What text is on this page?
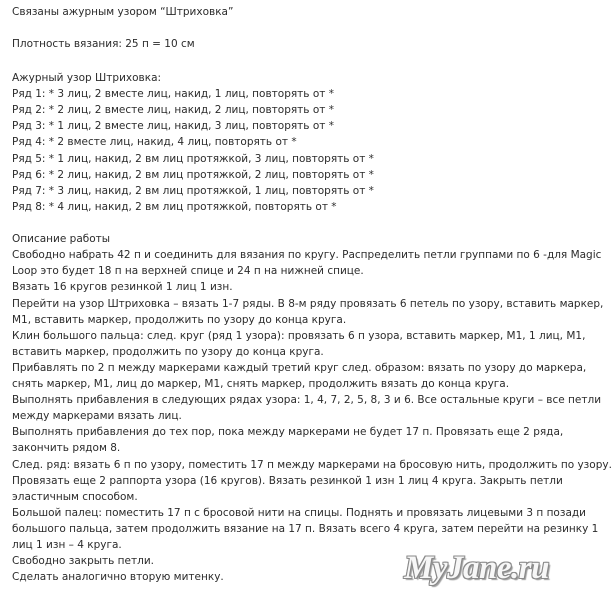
Связаны ажурным узором “Штриховка”
Плотность вязания: 25 п = 10 см
Ажурный узор Штриховка:
Ряд 1: * 3 лиц, 2 вместе лиц, накид, 1 лиц, повторять от *
Ряд 2: * 2 лиц, 2 вместе лиц, накид, 2 лиц, повторять от *
Ряд 3: * 1 лиц, 2 вместе лиц, накид, 3 лиц, повторять от *
Ряд 4: * 2 вместе лиц, накид, 4 лиц, повторять от *
Ряд 5: * 1 лиц, накид, 2 вм лиц протяжкой, 3 лиц, повторять от *
Ряд 6: * 2 лиц, накид, 2 вм лиц протяжкой, 2 лиц, повторять от *
Ряд 7: * 3 лиц, накид, 2 вм лиц протяжкой, 1 лиц, повторять от *
Ряд 8: * 4 лиц, накид, 2 вм лиц протяжкой, повторять от *
Описание работы
Свободно набрать 42 п и соединить для вязания по кругу. Распределить петли группами по 6 -для Magic
Loop это будет 18 п на верхней спице и 24 п на нижней спице.
Вязать 16 кругов резинкой 1 лиц 1 изн.
Перейти на узор Штриховка – вязать 1-7 ряды. В 8-м ряду провязать 6 петель по узору, вставить маркер,
М1, вставить маркер, продолжить по узору до конца круга.
Клин большого пальца: след. круг (ряд 1 узора): провязать 6 п узора, вставить маркер, М1, 1 лиц, М1,
вставить маркер, продолжить по узору до конца круга.
Прибавлять по 2 п между маркерами каждый третий круг след. образом: вязать по узору до маркера,
снять маркер, М1, лиц до маркер, М1, снять маркер, продолжить вязать до конца круга.
Выполнять прибавления в следующих рядах узора: 1, 4, 7, 2, 5, 8, 3 и 6. Все остальные круги – все петли
между маркерами вязать лиц.
Выполнять прибавления до тех пор, пока между маркерами не будет 17 п. Провязать еще 2 ряда,
закончить рядом 8.
След. ряд: вязать 6 п по узору, поместить 17 п между маркерами на бросовую нить, продолжить по узору.
Провязать еще 2 раппорта узора (16 кругов). Вязать резинкой 1 изн 1 лиц 4 круга. Закрыть петли
эластичным способом.
Большой палец: поместить 17 п с бросовой нити на спицы. Поднять и провязать лицевыми 3 п позади
большого пальца, затем продолжить вязание на 17 п. Вязать всего 4 круга, затем перейти на резинку 1
лиц 1 изн – 4 круга.
Свободно закрыть петли.
Сделать аналогично вторую митенку.	MyJane.ru
